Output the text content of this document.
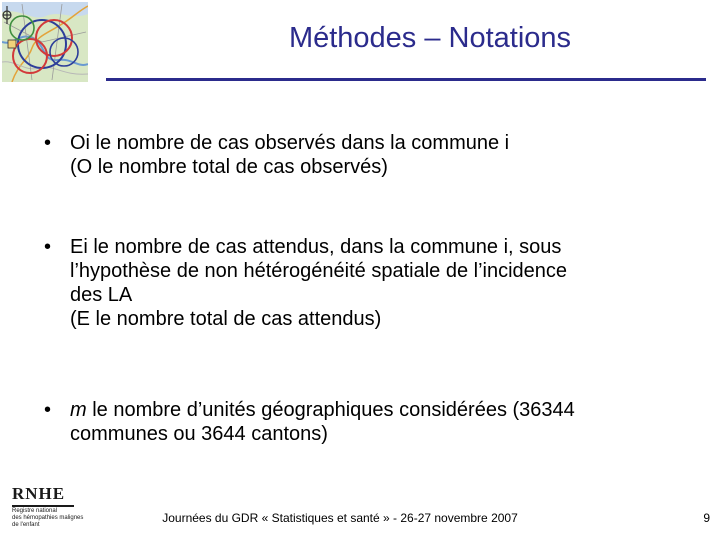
Méthodes – Notations
• Oi le nombre de cas observés dans la commune i
(O le nombre total de cas observés)
• Ei le nombre de cas attendus, dans la commune i, sous
l’hypothèse de non hétérogénéité spatiale de l’incidence
des LA
(E le nombre total de cas attendus)
• m le nombre d’unités géographiques considérées (36344
communes ou 3644 cantons)
RNHE
Registre national
des hémopathies malignes
de l'enfant	Journées du GDR « Statistiques et santé » - 26-27 novembre 2007	9
